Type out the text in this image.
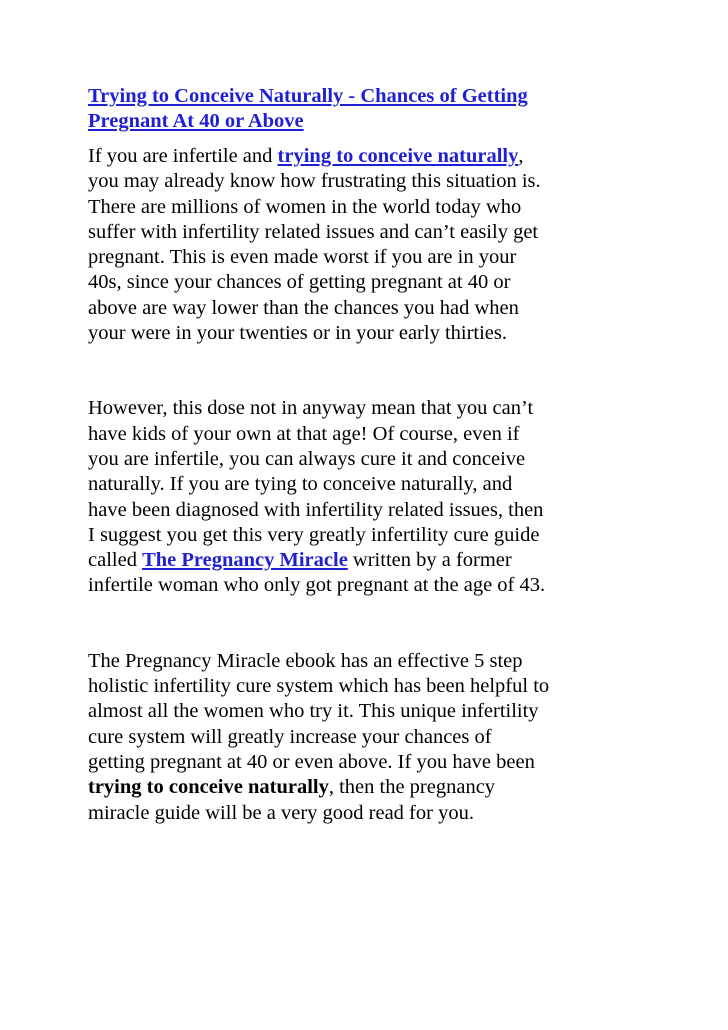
Trying to Conceive Naturally - Chances of Getting
Pregnant At 40 or Above

If you are infertile and trying to conceive naturally,
you may already know how frustrating this situation is.
There are millions of women in the world today who
suffer with infertility related issues and can’t easily get
pregnant. This is even made worst if you are in your
40s, since your chances of getting pregnant at 40 or
above are way lower than the chances you had when
your were in your twenties or in your early thirties.

However, this dose not in anyway mean that you can’t
have kids of your own at that age! Of course, even if
you are infertile, you can always cure it and conceive
naturally. If you are tying to conceive naturally, and
have been diagnosed with infertility related issues, then
I suggest you get this very greatly infertility cure guide
called The Pregnancy Miracle written by a former
infertile woman who only got pregnant at the age of 43.

The Pregnancy Miracle ebook has an effective 5 step
holistic infertility cure system which has been helpful to
almost all the women who try it. This unique infertility
cure system will greatly increase your chances of
getting pregnant at 40 or even above. If you have been
trying to conceive naturally, then the pregnancy
miracle guide will be a very good read for you.
